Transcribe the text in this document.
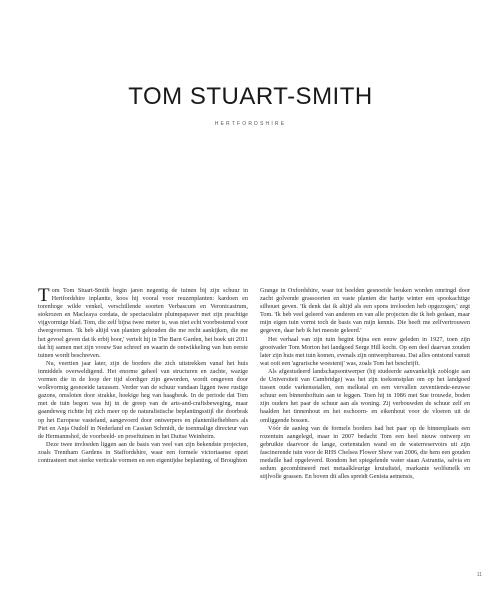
TOM STUART-SMITH
HERTFORDSHIRE

Tom Tom Stuart-Smith begin jaren negentig de tuinen bij zijn schuur in Hertfordshire inplantte, koos hij vooral voor reuzenplanten: kardoen en torenhoge wilde venkel, verschillende soorten Verbascum en Veronicastrum, stokrozen en Macleaya cordata, de spectaculaire pluimpapaver met zijn prachtige vijgvormige blad. Tom, die zelf bijna twee meter is, was niet echt voorbestemd voor dwergvormen. 'Ik heb altijd van planten gehouden die me recht aankijken, die me het gevoel geven dat ik erbij hoor,' vertelt hij in The Barn Garden, het boek uit 2011 dat hij samen met zijn vrouw Sue schreef en waarin de ontwikkeling van hun eerste tuinen wordt beschreven.

Nu, veertien jaar later, zijn de borders die zich uitstrekken vanaf het huis inmiddels overweldigend. Het enorme geheel van structuren en zachte, wazige vormen die in de loop der tijd slordiger zijn geworden, wordt omgeven door wolkvormig gesnoeide taxussen. Verder van de schuur vandaan liggen twee rustige gazons, omsloten door strakke, hoekige heg van haagbeuk. In de periode dat Tom met de tuin begon was hij in de greep van de arts-and-craftsbeweging, maar gaandeweg richtte hij zich meer op de naturalistische beplantingsstijl die doorbrak op het Europese vasteland, aangevoerd door ontwerpers en plantenliefhebbers als Piet en Anja Oudolf in Nederland en Cassian Schmidt, de toenmalige directeur van de Hermannshof, de voorbeeld- en proeftuinen in het Duitse Weinheim.

Deze twee invloeden liggen aan de basis van veel van zijn bekendste projecten, zoals Trentham Gardens in Staffordshire, waar een formele victoriaanse opzet contrasteert met sterke verticale vormen en een eigentijdse beplanting, of Broughton

Grange in Oxfordshire, waar tot beelden gesnoeide beuken worden omringd door zacht golvende grassoorten en vaste planten die hartje winter een spookachtige silhouet geven. 'Ik denk dat ik altijd als een spons invloeden heb opgezogen,' zegt Tom. 'Ik heb veel geleerd van anderen en van alle projecten die ik heb gedaan, maar mijn eigen tuin vormt toch de basis van mijn kennis. Die heeft me zelfvertrouwen gegeven, daar heb ik het meeste geleerd.'

Het verhaal van zijn tuin begint bijna een eeuw geleden in 1927, toen zijn grootvader Tom Morton het landgoed Serge Hill kocht. Op een deel daarvan zouden later zijn huis met tuin komen, evenals zijn ontwerpbureau. Dat alles ontstond vanuit wat ooit een 'agrarische woestenij' was, zoals Tom het beschrijft.

Als afgestudeerd landschapsontwerper (hij studeerde aanvankelijk zoölogie aan de Universiteit van Cambridge) was het zijn toekomstplan om op het landgoed tussen oude varkensstallen, een melkstal en een vervallen zeventiende-eeuwse schuur een binnenhoftuin aan te leggen. Toen hij in 1986 met Sue trouwde, boden zijn ouders het paar de schuur aan als woning. Zij verbouwden de schuur zelf en haalden het tinnenhout en het eschoorn- en eikenhout voor de vloeren uit de omliggende bossen.

Vóór de aanleg van de formele borders had het paar op de binnenplaats een rozentuin aangelegd, maar in 2007 bedacht Tom een heel nieuw ontwerp en gebruikte daarvoor de lange, cortenstalen wand en de waterreservoirs uit zijn fascinerende tuin voor de RHS Chelsea Flower Show van 2006, die hem een gouden medaille had opgeleverd. Rondom het spiegelende water staan Astrantia, salvia en sedum gecombineerd met metaalkleurige kruisdistel, markante wolfsmelk en stijlvolle grassen. En boven dit alles spreidt Genista aetnensis,

11
